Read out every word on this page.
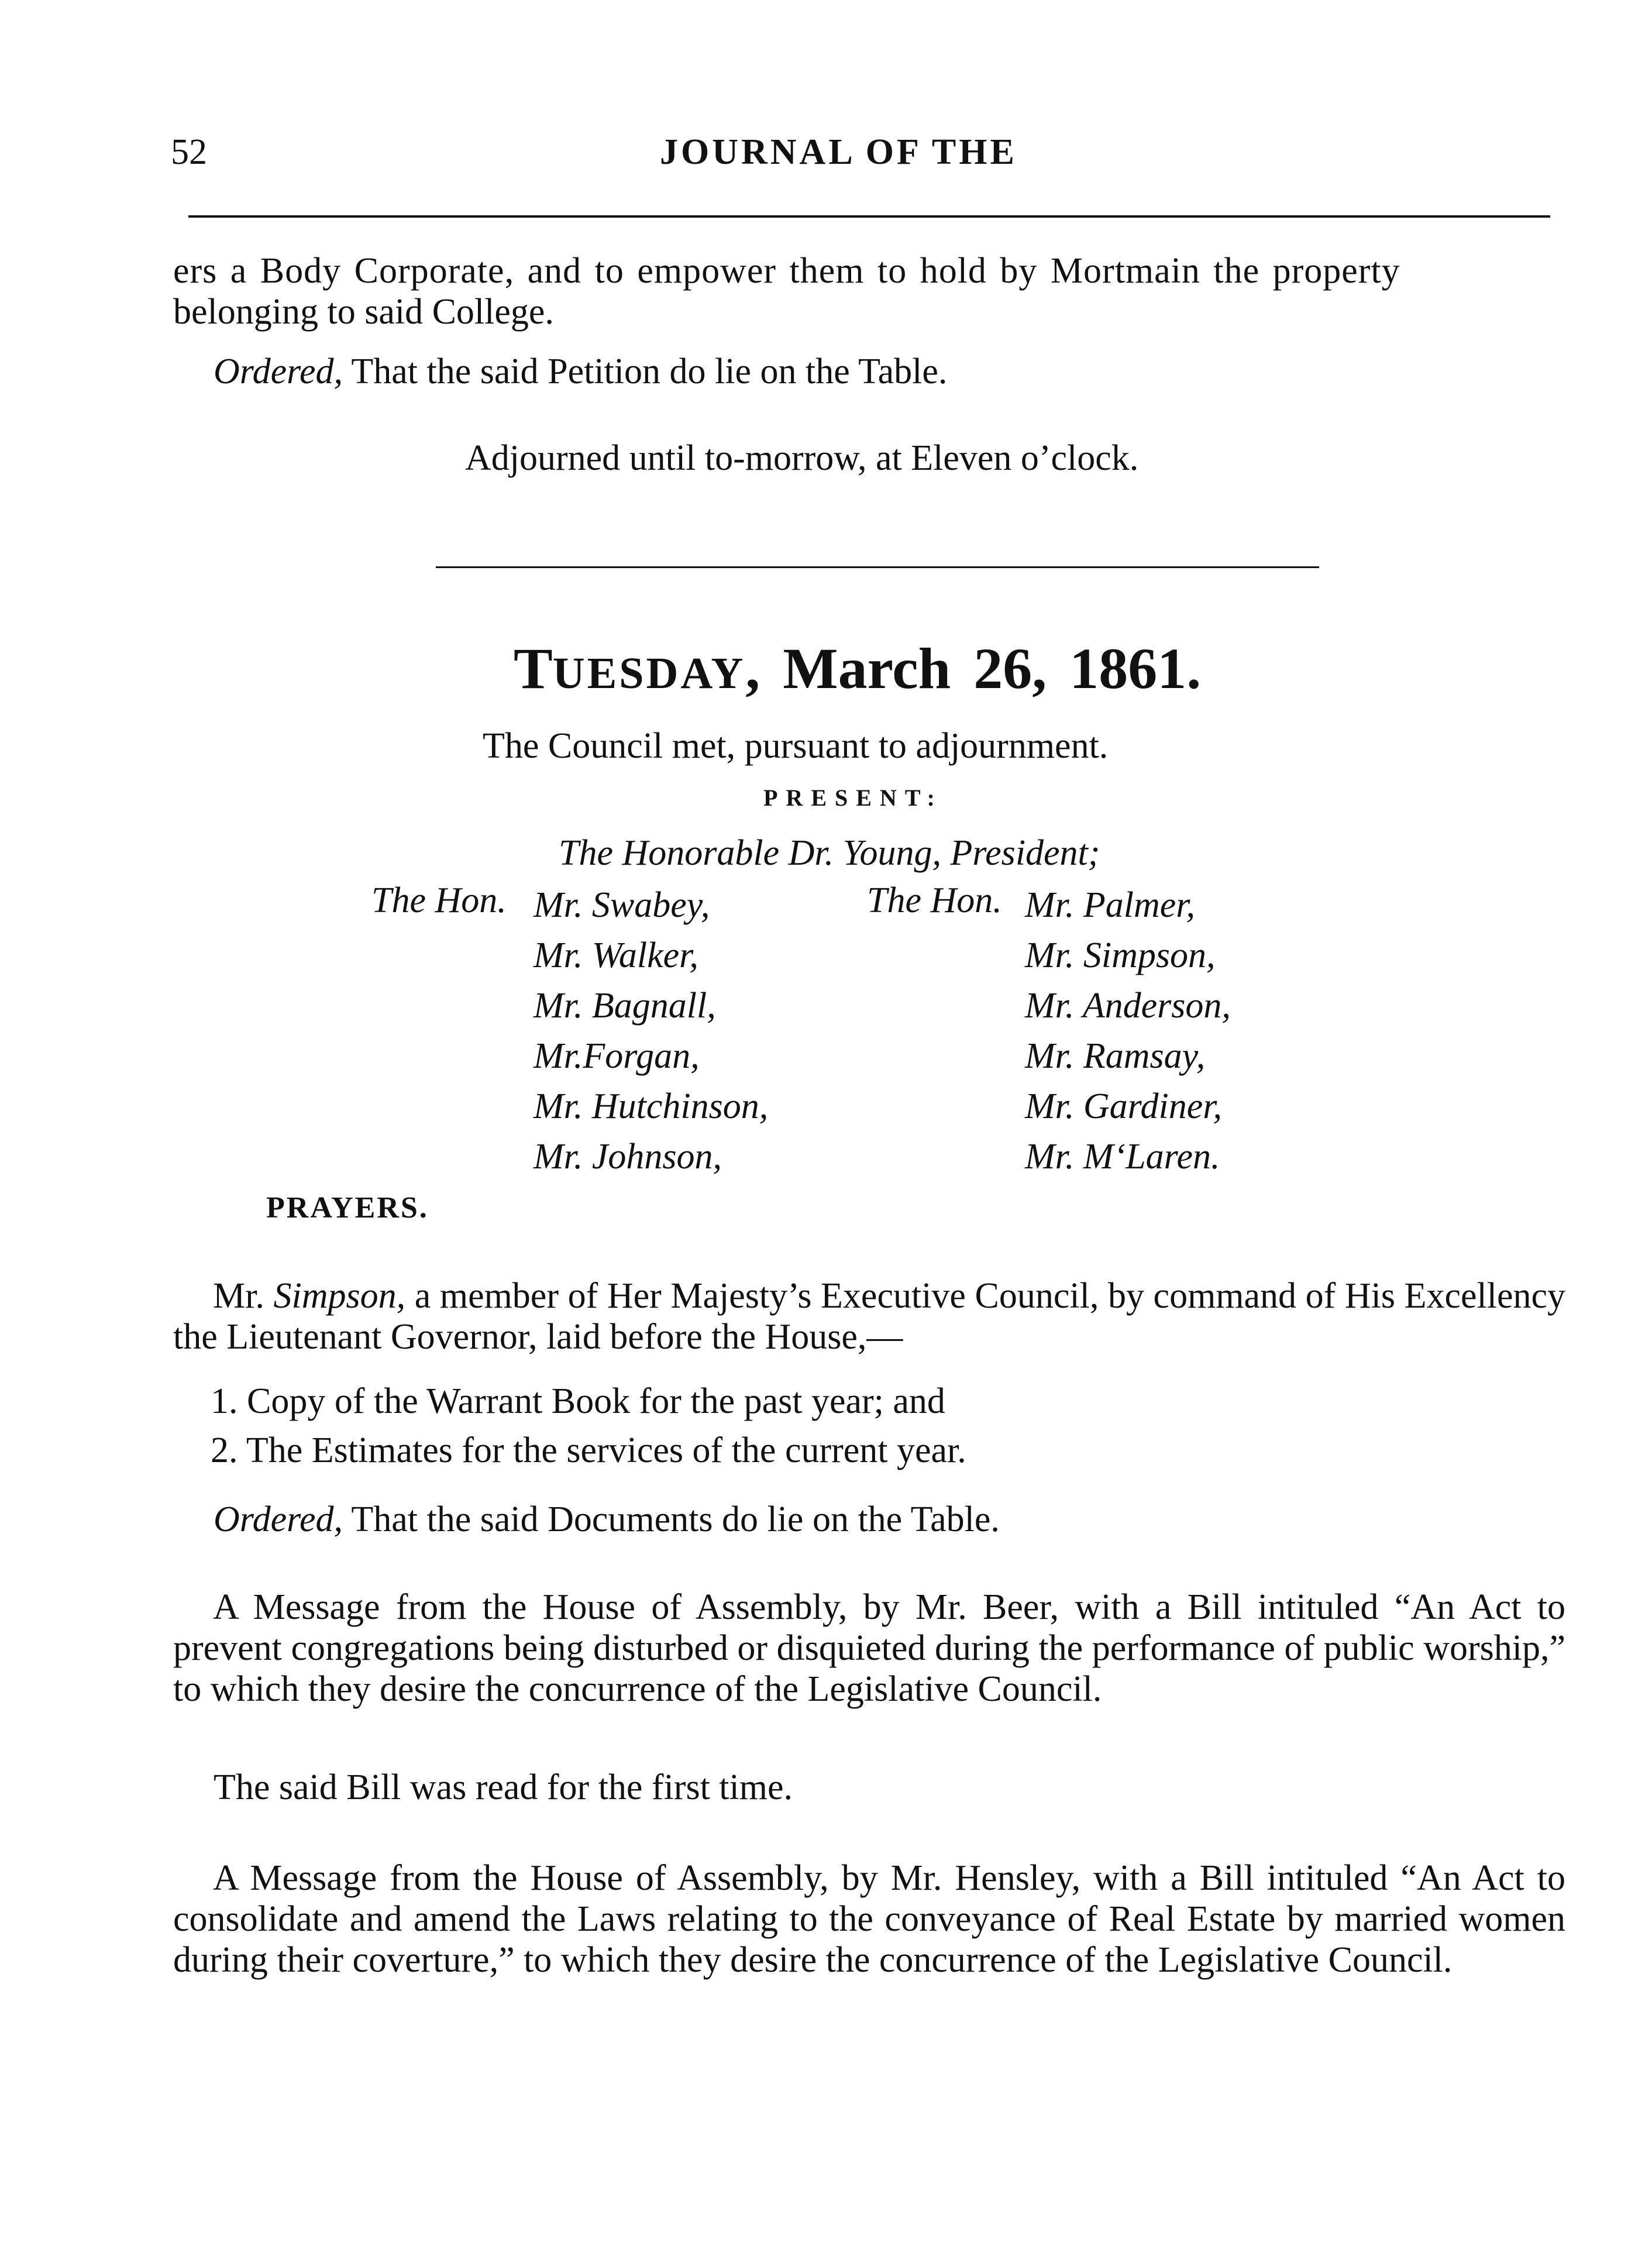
52	JOURNAL OF THE
ers a Body Corporate, and to empower them to hold by Mortmain the property
belonging to said College.
Ordered, That the said Petition do lie on the Table.
Adjourned until to-morrow, at Eleven o’clock.
TUESDAY, March 26, 1861.
The Council met, pursuant to adjournment.
PRESENT:
The Honorable Dr. Young, President;
The Hon. Mr. Swabey,
Mr. Walker,
Mr. Bagnall,
Mr.Forgan,
Mr. Hutchinson,
Mr. Johnson,
The Hon. Mr. Palmer,
Mr. Simpson,
Mr. Anderson,
Mr. Ramsay,
Mr. Gardiner,
Mr. M‘Laren.
PRAYERS.
Mr. Simpson, a member of Her Majesty’s Executive Council, by command of His Excellency the Lieutenant Governor, laid before the House,—
1. Copy of the Warrant Book for the past year; and
2. The Estimates for the services of the current year.
Ordered, That the said Documents do lie on the Table.
A Message from the House of Assembly, by Mr. Beer, with a Bill intituled “An Act to prevent congregations being disturbed or disquieted during the performance of public worship,” to which they desire the concurrence of the Legislative Council.
The said Bill was read for the first time.
A Message from the House of Assembly, by Mr. Hensley, with a Bill intituled “An Act to consolidate and amend the Laws relating to the conveyance of Real Estate by married women during their coverture,” to which they desire the concurrence of the Legislative Council.
